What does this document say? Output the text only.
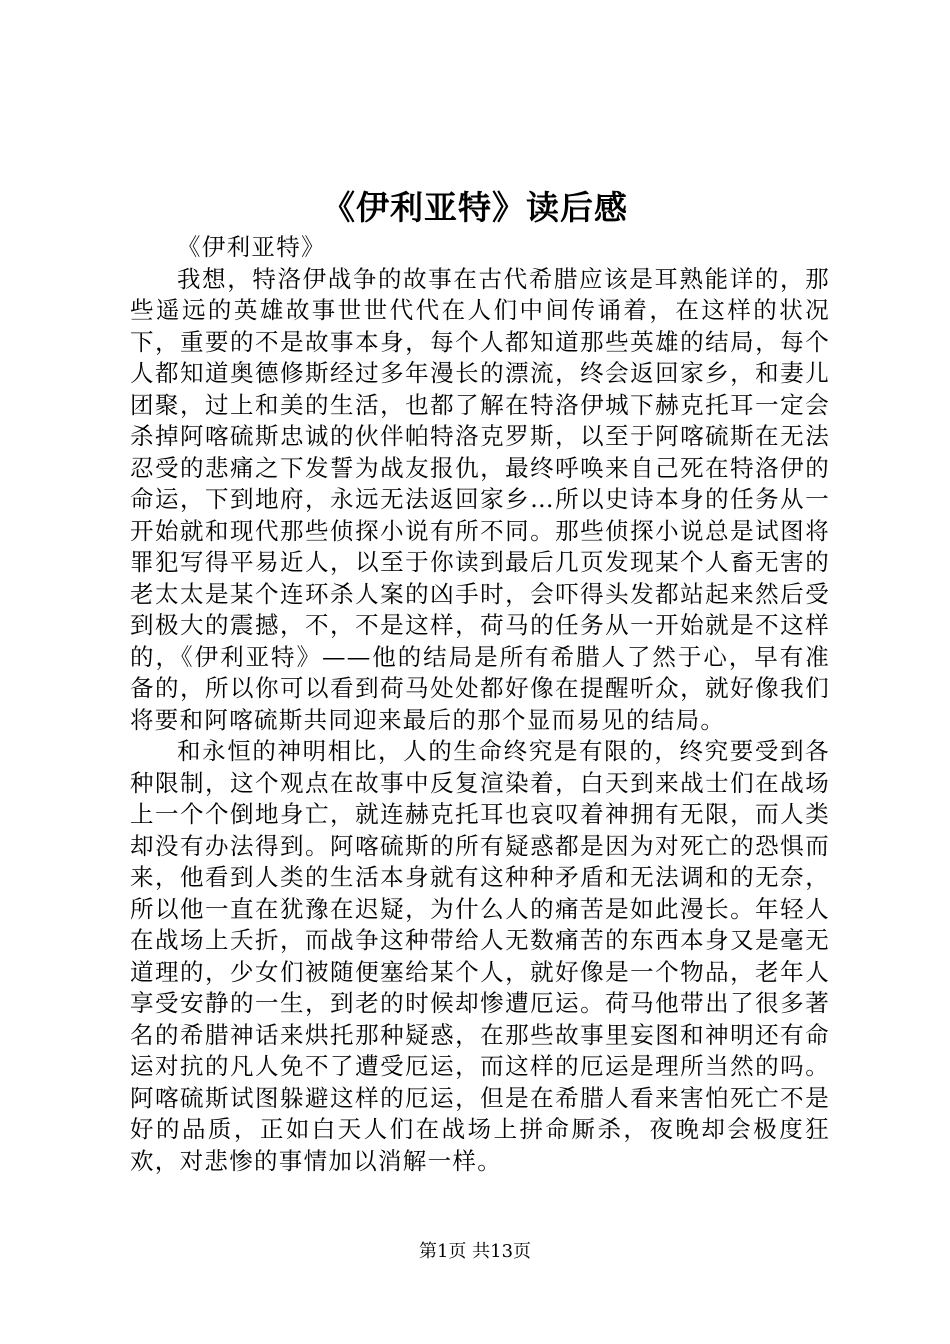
《伊利亚特》读后感

《伊利亚特》

我想，特洛伊战争的故事在古代希腊应该是耳熟能详的，那些遥远的英雄故事世世代代在人们中间传诵着，在这样的状况下，重要的不是故事本身，每个人都知道那些英雄的结局，每个人都知道奥德修斯经过多年漫长的漂流，终会返回家乡，和妻儿团聚，过上和美的生活，也都了解在特洛伊城下赫克托耳一定会杀掉阿喀硫斯忠诚的伙伴帕特洛克罗斯，以至于阿喀硫斯在无法忍受的悲痛之下发誓为战友报仇，最终呼唤来自己死在特洛伊的命运，下到地府，永远无法返回家乡…所以史诗本身的任务从一开始就和现代那些侦探小说有所不同。那些侦探小说总是试图将罪犯写得平易近人，以至于你读到最后几页发现某个人畜无害的老太太是某个连环杀人案的凶手时，会吓得头发都站起来然后受到极大的震撼，不，不是这样，荷马的任务从一开始就是不这样的，《伊利亚特》——他的结局是所有希腊人了然于心，早有准备的，所以你可以看到荷马处处都好像在提醒听众，就好像我们将要和阿喀硫斯共同迎来最后的那个显而易见的结局。

和永恒的神明相比，人的生命终究是有限的，终究要受到各种限制，这个观点在故事中反复渲染着，白天到来战士们在战场上一个个倒地身亡，就连赫克托耳也哀叹着神拥有无限，而人类却没有办法得到。阿喀硫斯的所有疑惑都是因为对死亡的恐惧而来，他看到人类的生活本身就有这种种矛盾和无法调和的无奈，所以他一直在犹豫在迟疑，为什么人的痛苦是如此漫长。年轻人在战场上夭折，而战争这种带给人无数痛苦的东西本身又是毫无道理的，少女们被随便塞给某个人，就好像是一个物品，老年人享受安静的一生，到老的时候却惨遭厄运。荷马他带出了很多著名的希腊神话来烘托那种疑惑，在那些故事里妄图和神明还有命运对抗的凡人免不了遭受厄运，而这样的厄运是理所当然的吗。阿喀硫斯试图躲避这样的厄运，但是在希腊人看来害怕死亡不是好的品质，正如白天人们在战场上拼命厮杀，夜晚却会极度狂欢，对悲惨的事情加以消解一样。

第1页 共13页
